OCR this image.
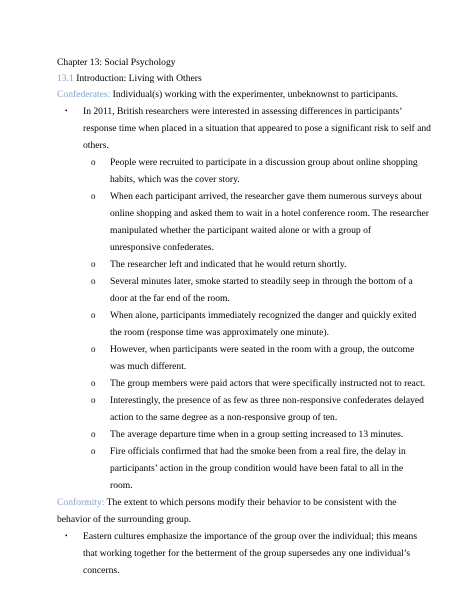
Chapter 13: Social Psychology
13.1 Introduction: Living with Others
Confederates: Individual(s) working with the experimenter, unbeknownst to participants.
• In 2011, British researchers were interested in assessing differences in participants’
response time when placed in a situation that appeared to pose a significant risk to self and
others.
o People were recruited to participate in a discussion group about online shopping
habits, which was the cover story.
o When each participant arrived, the researcher gave them numerous surveys about
online shopping and asked them to wait in a hotel conference room. The researcher
manipulated whether the participant waited alone or with a group of
unresponsive confederates.
o The researcher left and indicated that he would return shortly.
o Several minutes later, smoke started to steadily seep in through the bottom of a
door at the far end of the room.
o When alone, participants immediately recognized the danger and quickly exited
the room (response time was approximately one minute).
o However, when participants were seated in the room with a group, the outcome
was much different.
o The group members were paid actors that were specifically instructed not to react.
o Interestingly, the presence of as few as three non-responsive confederates delayed
action to the same degree as a non-responsive group of ten.
o The average departure time when in a group setting increased to 13 minutes.
o Fire officials confirmed that had the smoke been from a real fire, the delay in
participants’ action in the group condition would have been fatal to all in the
room.
Conformity: The extent to which persons modify their behavior to be consistent with the
behavior of the surrounding group.
• Eastern cultures emphasize the importance of the group over the individual; this means
that working together for the betterment of the group supersedes any one individual’s
concerns.
